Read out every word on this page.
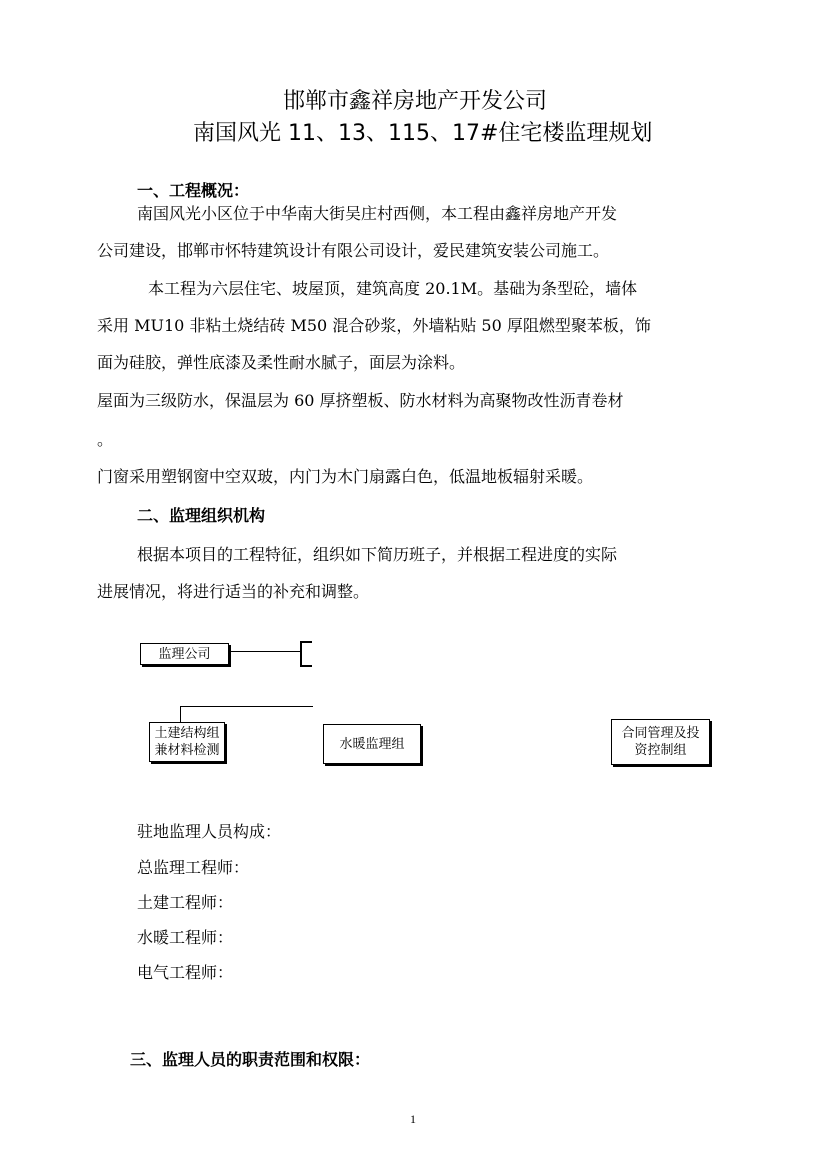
邯郸市鑫祥房地产开发公司
南国风光 11、13、115、17#住宅楼监理规划
一、工程概况：
南国风光小区位于中华南大街吴庄村西侧，本工程由鑫祥房地产开发
公司建设，邯郸市怀特建筑设计有限公司设计，爱民建筑安装公司施工。
本工程为六层住宅、坡屋顶，建筑高度 20.1M。基础为条型砼，墙体
采用 MU10 非粘土烧结砖 M50 混合砂浆，外墙粘贴 50 厚阻燃型聚苯板，饰
面为硅胶，弹性底漆及柔性耐水腻子，面层为涂料。
屋面为三级防水，保温层为 60 厚挤塑板、防水材料为高聚物改性沥青卷材
。
门窗采用塑钢窗中空双玻，内门为木门扇露白色，低温地板辐射采暖。
二、监理组织机构
根据本项目的工程特征，组织如下简历班子，并根据工程进度的实际
进展情况，将进行适当的补充和调整。
监理公司
土建结构组
兼材料检测	水暖监理组
合同管理及投
资控制组
驻地监理人员构成：
总监理工程师：
土建工程师：
水暖工程师：
电气工程师：
三、监理人员的职责范围和权限：
1
